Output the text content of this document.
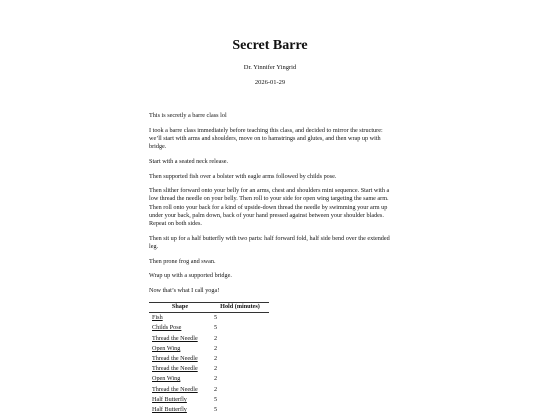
Secret Barre
Dr. Yinnifer Yingrid
2026-01-29

This is secretly a barre class lol

I took a barre class immediately before teaching this class, and decided to mirror the structure: we’ll start with arms and shoulders, move on to hamstrings and glutes, and then wrap up with bridge.

Start with a seated neck release.

Then supported fish over a bolster with eagle arms followed by childs pose.

Then slither forward onto your belly for an arms, chest and shoulders mini sequence. Start with a low thread the needle on your belly. Then roll to your side for open wing targeting the same arm. Then roll onto your back for a kind of upside-down thread the needle by swimming your arm up under your back, palm down, back of your hand pressed against between your shoulder blades. Repeat on both sides.

Then sit up for a half butterfly with two parts: half forward fold, half side bend over the extended leg.

Then prone frog and swan.

Wrap up with a supported bridge.

Now that’s what I call yoga!

Shape	Hold (minutes)
Fish	5
Childs Pose	5
Thread the Needle	2
Open Wing	2
Thread the Needle	2
Thread the Needle	2
Open Wing	2
Thread the Needle	2
Half Butterfly	5
Half Butterfly	5
